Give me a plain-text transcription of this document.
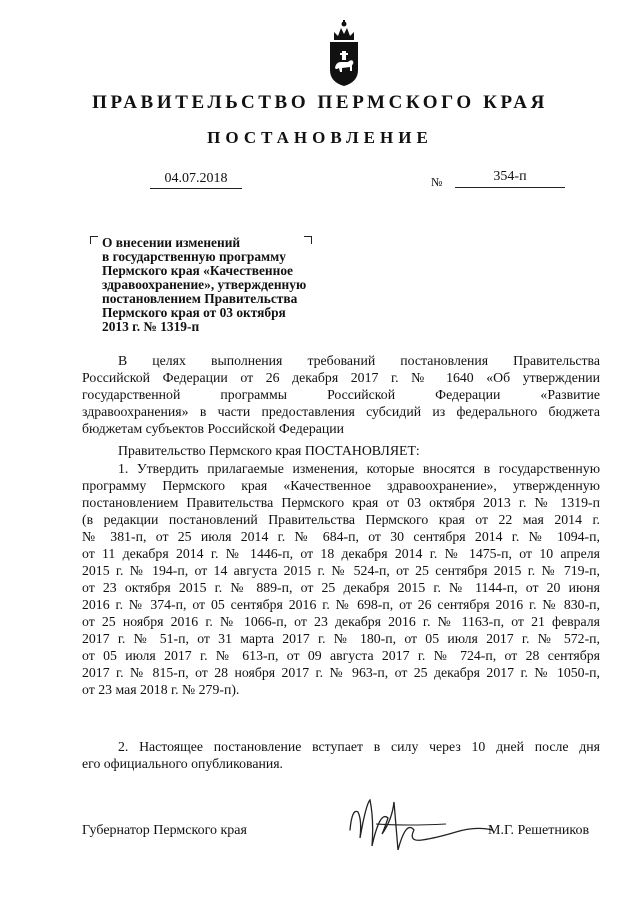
ПРАВИТЕЛЬСТВО ПЕРМСКОГО КРАЯ
ПОСТАНОВЛЕНИЕ
04.07.2018	№	354-п
О внесении изменений
в государственную программу
Пермского края «Качественное
здравоохранение», утвержденную
постановлением Правительства
Пермского края от 03 октября
2013 г. № 1319-п
В целях выполнения требований постановления Правительства
Российской Федерации от 26 декабря 2017 г. № 1640 «Об утверждении
государственной программы Российской Федерации «Развитие
здравоохранения» в части предоставления субсидий из федерального бюджета
бюджетам субъектов Российской Федерации
Правительство Пермского края ПОСТАНОВЛЯЕТ:
1. Утвердить прилагаемые изменения, которые вносятся в государственную
программу Пермского края «Качественное здравоохранение», утвержденную
постановлением Правительства Пермского края от 03 октября 2013 г. № 1319-п
(в редакции постановлений Правительства Пермского края от 22 мая 2014 г.
№ 381-п, от 25 июля 2014 г. № 684-п, от 30 сентября 2014 г. № 1094-п,
от 11 декабря 2014 г. № 1446-п, от 18 декабря 2014 г. № 1475-п, от 10 апреля
2015 г. № 194-п, от 14 августа 2015 г. № 524-п, от 25 сентября 2015 г. № 719-п,
от 23 октября 2015 г. № 889-п, от 25 декабря 2015 г. № 1144-п, от 20 июня
2016 г. № 374-п, от 05 сентября 2016 г. № 698-п, от 26 сентября 2016 г. № 830-п,
от 25 ноября 2016 г. № 1066-п, от 23 декабря 2016 г. № 1163-п, от 21 февраля
2017 г. № 51-п, от 31 марта 2017 г. № 180-п, от 05 июля 2017 г. № 572-п,
от 05 июля 2017 г. № 613-п, от 09 августа 2017 г. № 724-п, от 28 сентября
2017 г. № 815-п, от 28 ноября 2017 г. № 963-п, от 25 декабря 2017 г. № 1050-п,
от 23 мая 2018 г. № 279-п).
2. Настоящее постановление вступает в силу через 10 дней после дня
его официального опубликования.
Губернатор Пермского края	М.Г. Решетников
